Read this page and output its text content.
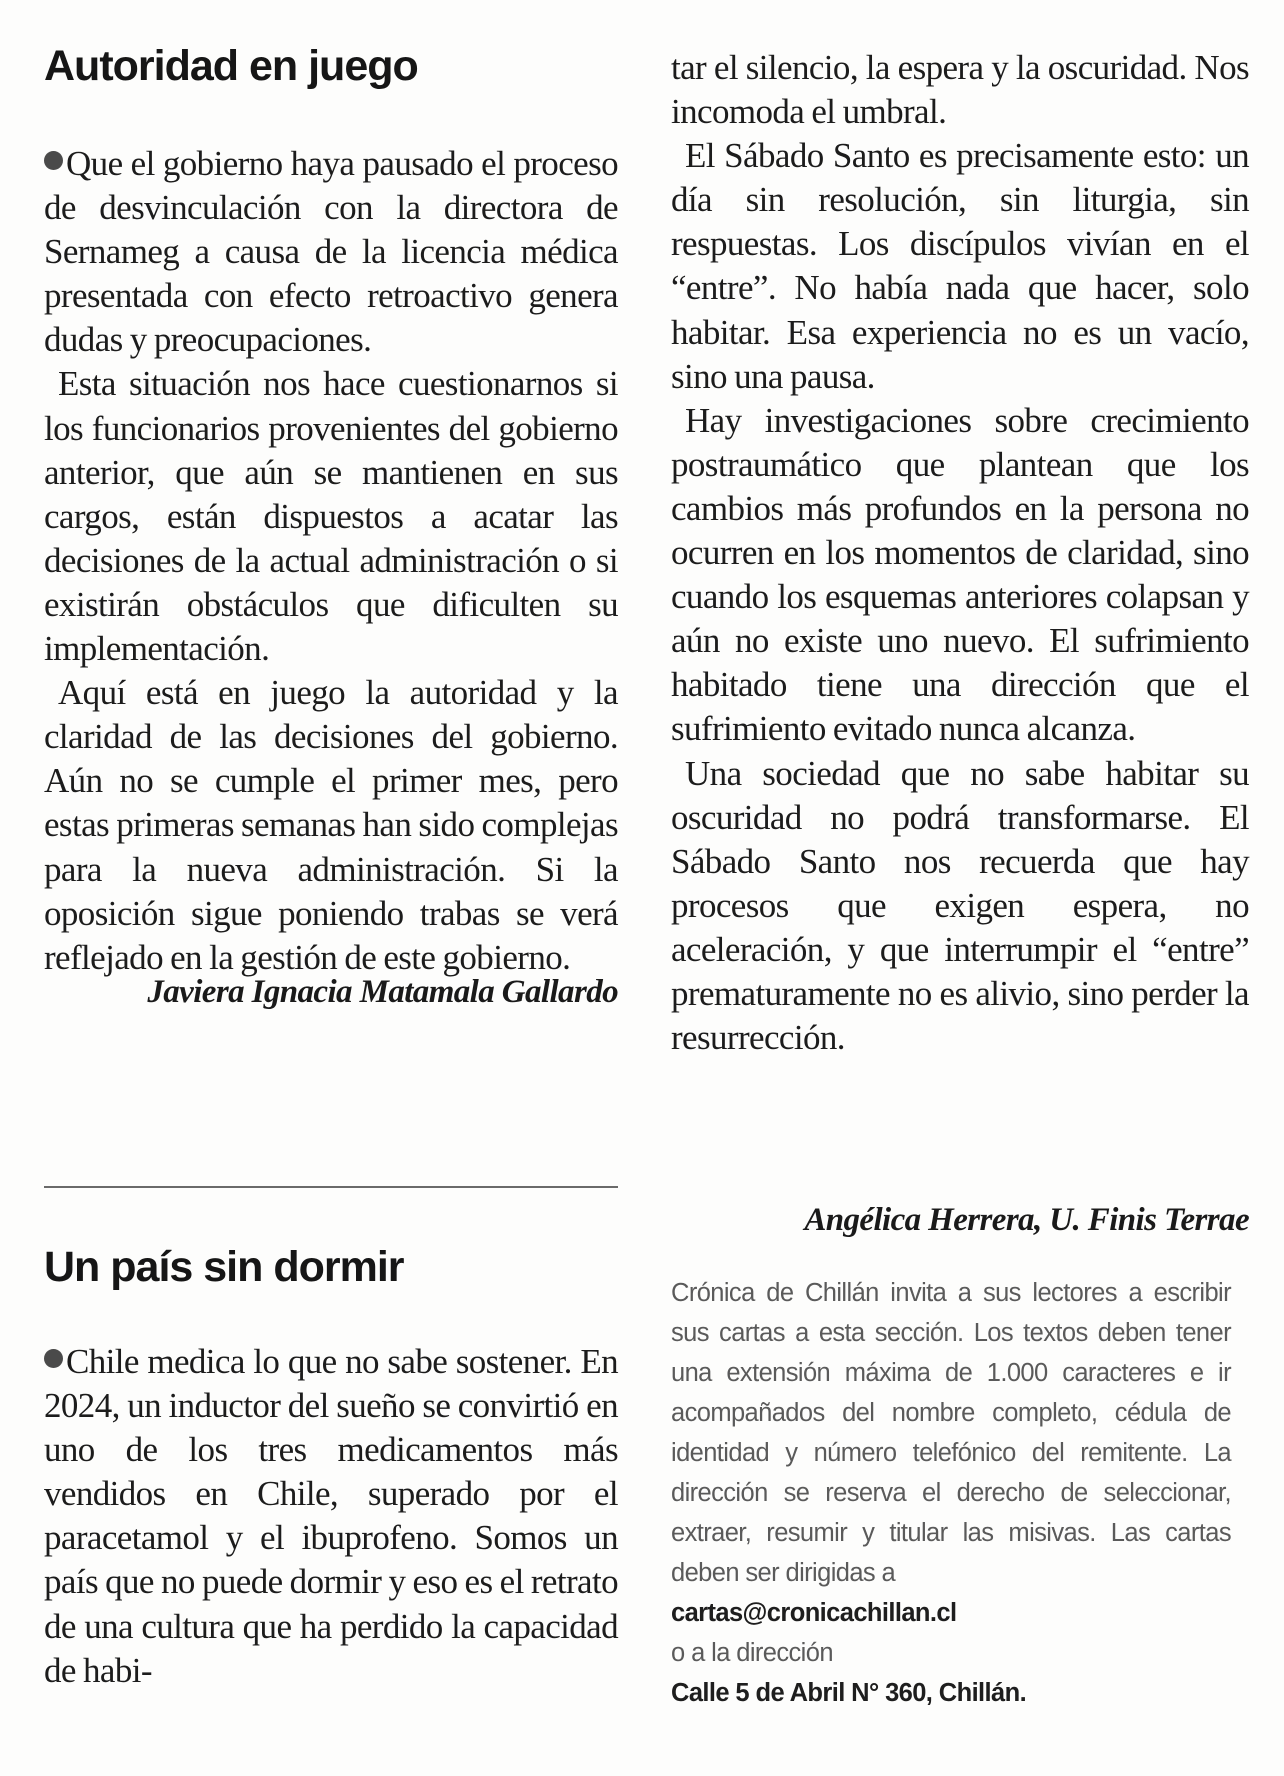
Autoridad en juego
Que el gobierno haya pausado el proceso de desvinculación con la directora de Sernameg a causa de la licencia médica presentada con efecto retroactivo genera dudas y preocupaciones.
Esta situación nos hace cuestionarnos si los funcionarios provenientes del gobierno anterior, que aún se mantienen en sus cargos, están dispuestos a acatar las decisiones de la actual administración o si existirán obstáculos que dificulten su implementación.
Aquí está en juego la autoridad y la claridad de las decisiones del gobierno. Aún no se cumple el primer mes, pero estas primeras semanas han sido complejas para la nueva administración. Si la oposición sigue poniendo trabas se verá reflejado en la gestión de este gobierno.

Javiera Ignacia Matamala Gallardo

Un país sin dormir
Chile medica lo que no sabe sostener. En 2024, un inductor del sueño se convirtió en uno de los tres medicamentos más vendidos en Chile, superado por el paracetamol y el ibuprofeno. Somos un país que no puede dormir y eso es el retrato de una cultura que ha perdido la capacidad de habi-
tar el silencio, la espera y la oscuridad. Nos incomoda el umbral.
El Sábado Santo es precisamente esto: un día sin resolución, sin liturgia, sin respuestas. Los discípulos vivían en el “entre”. No había nada que hacer, solo habitar. Esa experiencia no es un vacío, sino una pausa.
Hay investigaciones sobre crecimiento postraumático que plantean que los cambios más profundos en la persona no ocurren en los momentos de claridad, sino cuando los esquemas anteriores colapsan y aún no existe uno nuevo. El sufrimiento habitado tiene una dirección que el sufrimiento evitado nunca alcanza.
Una sociedad que no sabe habitar su oscuridad no podrá transformarse. El Sábado Santo nos recuerda que hay procesos que exigen espera, no aceleración, y que interrumpir el “entre” prematuramente no es alivio, sino perder la resurrección.

Angélica Herrera, U. Finis Terrae

Crónica de Chillán invita a sus lectores a escribir sus cartas a esta sección. Los textos deben tener una extensión máxima de 1.000 caracteres e ir acompañados del nombre completo, cédula de identidad y número telefónico del remitente. La dirección se reserva el derecho de seleccionar, extraer, resumir y titular las misivas. Las cartas deben ser dirigidas a
cartas@cronicachillan.cl
o a la dirección
Calle 5 de Abril N° 360, Chillán.
